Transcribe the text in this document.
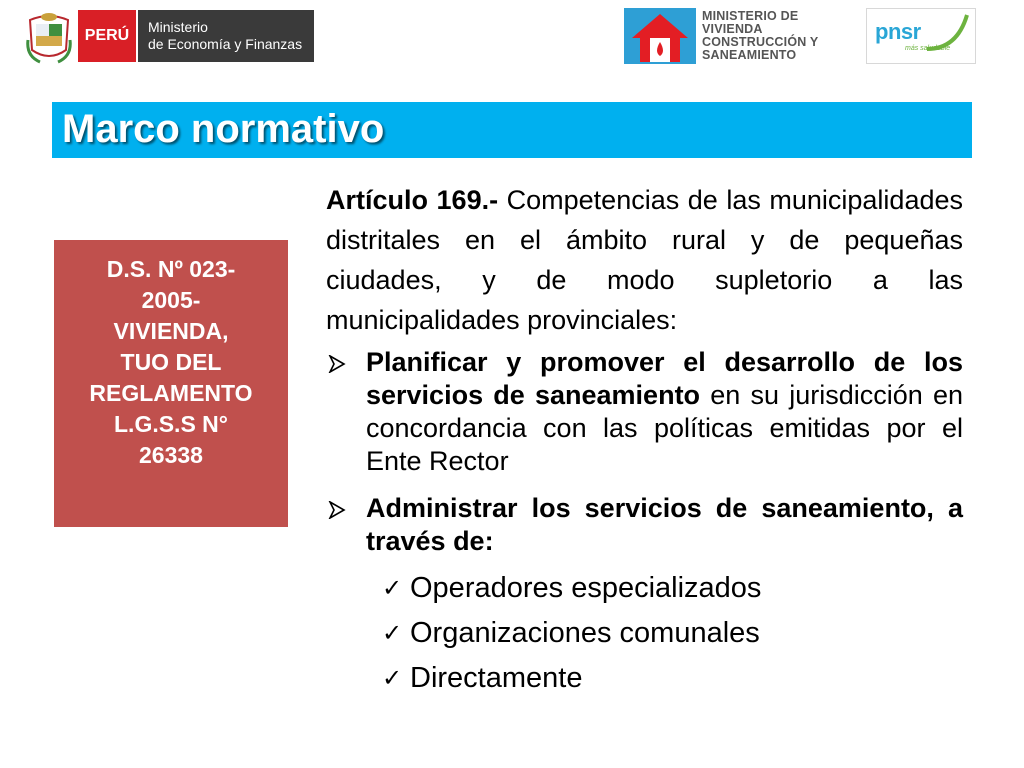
PERÚ	Ministerio
de Economía y Finanzas
MINISTERIO DE
VIVIENDA
CONSTRUCCIÓN Y
SANEAMIENTO
pnsr
más saludable
Marco normativo
D.S. Nº 023-
2005-
VIVIENDA,
TUO DEL
REGLAMENTO
L.G.S.S N°
26338

Artículo 169.- Competencias de las municipalidades distritales en el ámbito rural y de pequeñas ciudades, y de modo supletorio a las municipalidades provinciales:

Planificar y promover el desarrollo de los servicios de saneamiento en su jurisdicción en concordancia con las políticas emitidas por el Ente Rector
Administrar los servicios de saneamiento, a través de:
✓ Operadores especializados
✓ Organizaciones comunales
✓ Directamente
